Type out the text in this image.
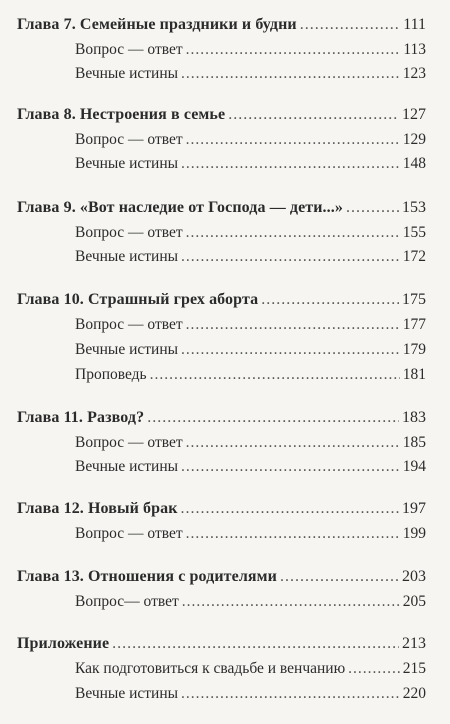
Глава 7. Семейные праздники и будни .....	111
Вопрос — ответ .....	113
Вечные истины .....	123
Глава 8. Нестроения в семье .....	127
Вопрос — ответ .....	129
Вечные истины .....	148
Глава 9. «Вот наследие от Господа — дети...» .....	153
Вопрос — ответ .....	155
Вечные истины .....	172
Глава 10. Страшный грех аборта .....	175
Вопрос — ответ .....	177
Вечные истины .....	179
Проповедь .....	181
Глава 11. Развод? .....	183
Вопрос — ответ .....	185
Вечные истины .....	194
Глава 12. Новый брак .....	197
Вопрос — ответ .....	199
Глава 13. Отношения с родителями .....	203
Вопрос— ответ .....	205
Приложение .....	213
Как подготовиться к свадьбе и венчанию .....	215
Вечные истины .....	220
